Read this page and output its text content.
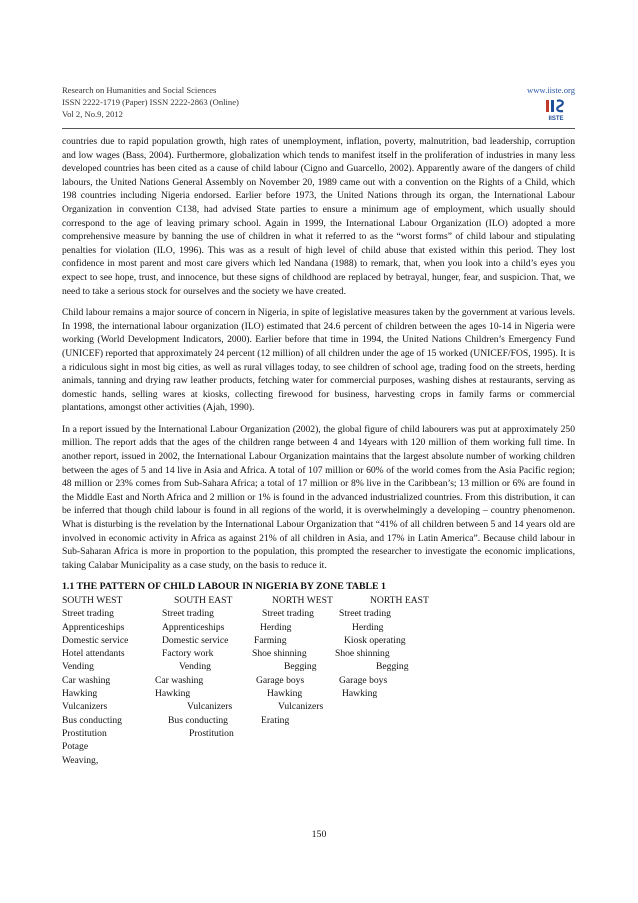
Research on Humanities and Social Sciences
ISSN 2222-1719 (Paper) ISSN 2222-2863 (Online)
Vol 2, No.9, 2012
www.iiste.org
IISTE

countries due to rapid population growth, high rates of unemployment, inflation, poverty, malnutrition, bad leadership, corruption and low wages (Bass, 2004). Furthermore, globalization which tends to manifest itself in the proliferation of industries in many less developed countries has been cited as a cause of child labour (Cigno and Guarcello, 2002). Apparently aware of the dangers of child labours, the United Nations General Assembly on November 20, 1989 came out with a convention on the Rights of a Child, which 198 countries including Nigeria endorsed. Earlier before 1973, the United Nations through its organ, the International Labour Organization in convention C138, had advised State parties to ensure a minimum age of employment, which usually should correspond to the age of leaving primary school. Again in 1999, the International Labour Organization (ILO) adopted a more comprehensive measure by banning the use of children in what it referred to as the “worst forms” of child labour and stipulating penalties for violation (ILO, 1996). This was as a result of high level of child abuse that existed within this period. They lost confidence in most parent and most care givers which led Nandana (1988) to remark, that, when you look into a child’s eyes you expect to see hope, trust, and innocence, but these signs of childhood are replaced by betrayal, hunger, fear, and suspicion. That, we need to take a serious stock for ourselves and the society we have created.

Child labour remains a major source of concern in Nigeria, in spite of legislative measures taken by the government at various levels. In 1998, the international labour organization (ILO) estimated that 24.6 percent of children between the ages 10-14 in Nigeria were working (World Development Indicators, 2000). Earlier before that time in 1994, the United Nations Children’s Emergency Fund (UNICEF) reported that approximately 24 percent (12 million) of all children under the age of 15 worked (UNICEF/FOS, 1995). It is a ridiculous sight in most big cities, as well as rural villages today, to see children of school age, trading food on the streets, herding animals, tanning and drying raw leather products, fetching water for commercial purposes, washing dishes at restaurants, serving as domestic hands, selling wares at kiosks, collecting firewood for business, harvesting crops in family farms or commercial plantations, amongst other activities (Ajah, 1990).

In a report issued by the International Labour Organization (2002), the global figure of child labourers was put at approximately 250 million. The report adds that the ages of the children range between 4 and 14years with 120 million of them working full time. In another report, issued in 2002, the International Labour Organization maintains that the largest absolute number of working children between the ages of 5 and 14 live in Asia and Africa. A total of 107 million or 60% of the world comes from the Asia Pacific region; 48 million or 23% comes from Sub-Sahara Africa; a total of 17 million or 8% live in the Caribbean’s; 13 million or 6% are found in the Middle East and North Africa and 2 million or 1% is found in the advanced industrialized countries. From this distribution, it can be inferred that though child labour is found in all regions of the world, it is overwhelmingly a developing – country phenomenon. What is disturbing is the revelation by the International Labour Organization that “41% of all children between 5 and 14 years old are involved in economic activity in Africa as against 21% of all children in Asia, and 17% in Latin America”. Because child labour in Sub-Saharan Africa is more in proportion to the population, this prompted the researcher to investigate the economic implications, taking Calabar Municipality as a case study, on the basis to reduce it.

1.1 THE PATTERN OF CHILD LABOUR IN NIGERIA BY ZONE TABLE 1
SOUTH WEST	SOUTH EAST	NORTH WEST	NORTH EAST
Street trading	Street trading	Street trading	Street trading
Apprenticeships	Apprenticeships	Herding	Herding
Domestic service	Domestic service	Farming	Kiosk operating
Hotel attendants	Factory work	Shoe shinning	Shoe shinning
Vending	Vending	Begging	Begging
Car washing	Car washing	Garage boys	Garage boys
Hawking	Hawking	Hawking	Hawking
Vulcanizers	Vulcanizers	Vulcanizers
Bus conducting	Bus conducting	Erating
Prostitution	Prostitution
Potage
Weaving,
150
